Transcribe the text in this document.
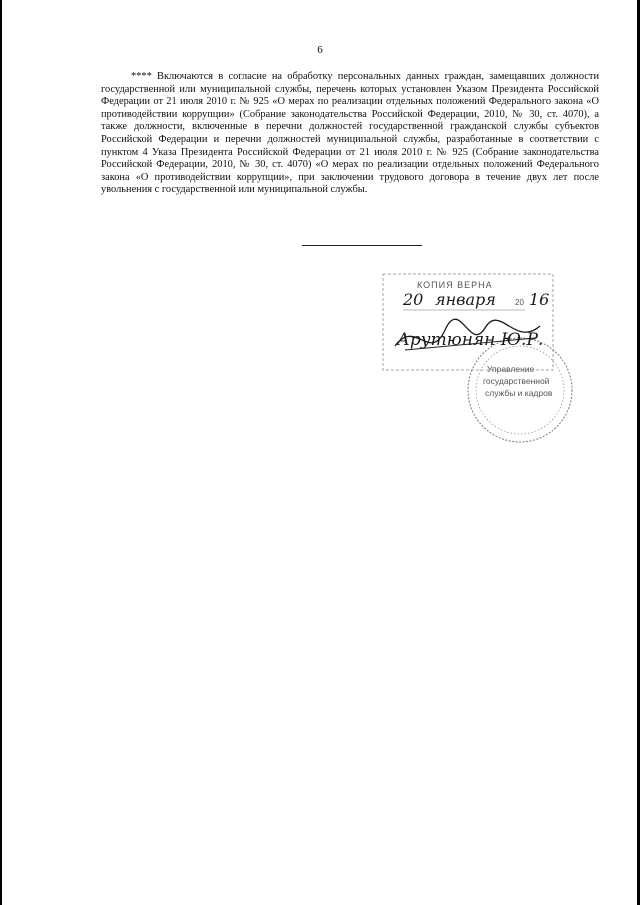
6

**** Включаются в согласие на обработку персональных данных граждан, замещавших должности государственной или муниципальной службы, перечень которых установлен Указом Президента Российской Федерации от 21 июля 2010 г. № 925 «О мерах по реализации отдельных положений Федерального закона «О противодействии коррупции» (Собрание законодательства Российской Федерации, 2010, № 30, ст. 4070), а также должности, включенные в перечни должностей государственной гражданской службы субъектов Российской Федерации и перечни должностей муниципальной службы, разработанные в соответствии с пунктом 4 Указа Президента Российской Федерации от 21 июля 2010 г. № 925 (Собрание законодательства Российской Федерации, 2010, № 30, ст. 4070) «О мерах по реализации отдельных положений Федерального закона «О противодействии коррупции», при заключении трудового договора в течение двух лет после увольнения с государственной или муниципальной службы.

КОПИЯ ВЕРНА
20 января 20 16
Арутюнян Ю.Р.
Управление
государственной
службы и кадров
